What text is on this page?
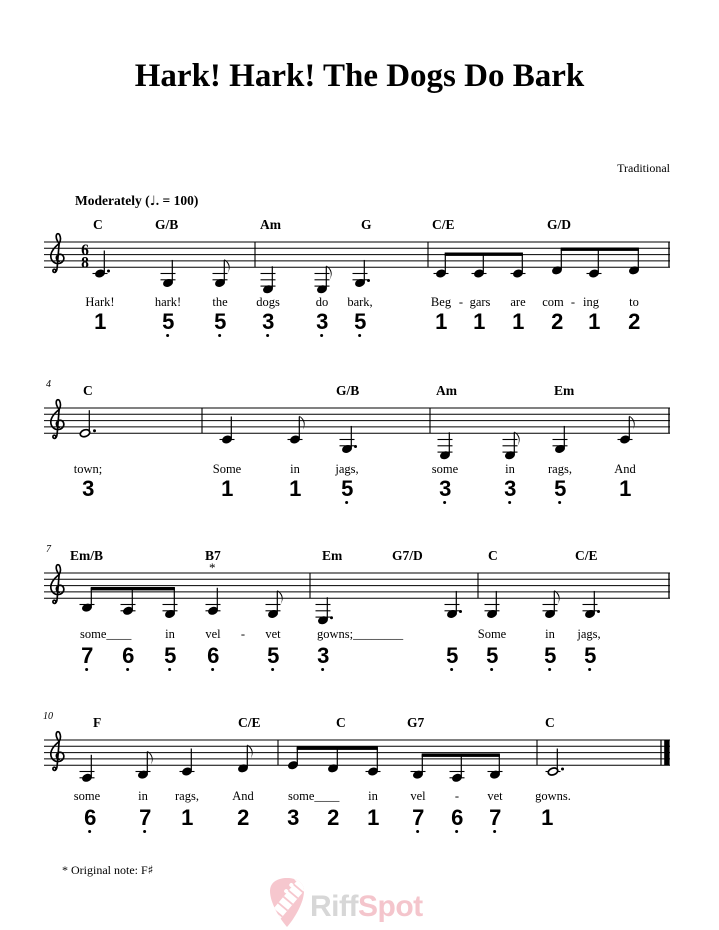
Hark! Hark! The Dogs Do Bark
Traditional
Moderately (♩. = 100)
6
8
C	G/B	Am	G	C/E	G/D
Hark!	hark! the dogs	do bark,	Beg - gars are com - ing to
1	5 5 3 3 5	1 1 1 2 1 2
C	G/B	Am	Em
4
town;	Some	in	jags,	some	in	rags,	And
3	1	1 5	3 3 5 1
Em/B	B7	Em	G7/D	C	C/E
7
*
some____	in vel - vet	gowns;________	Some	in jags,
7 6 5 6 5 3	5 5 5 5
F	C/E	C	G7	C
10
some	in rags,	And	some____ in	vel - vet	gowns.
6 7 1 2 3 2 1 7 6 7 1
* Original note: F♯
RiffSpot
